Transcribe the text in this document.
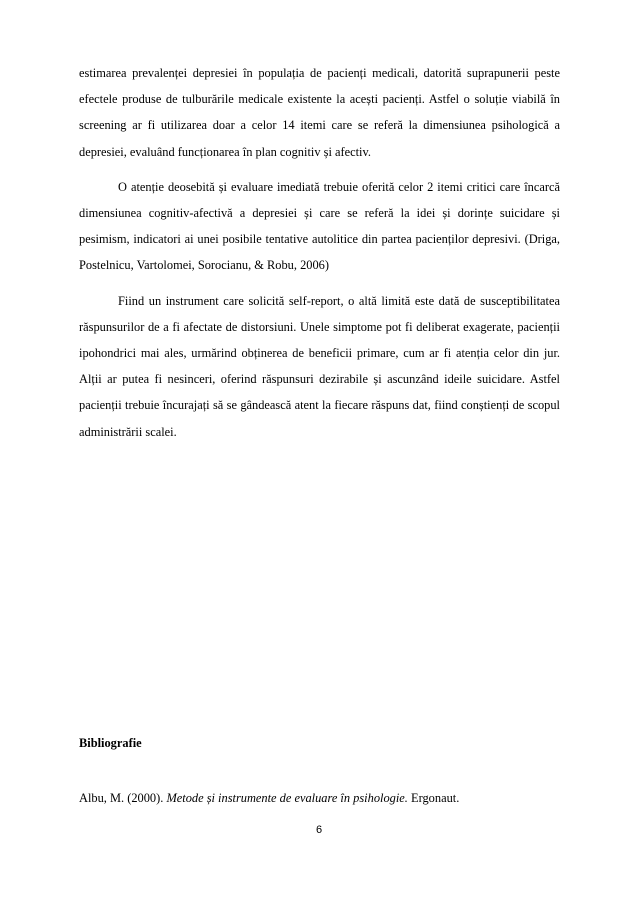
estimarea prevalenței depresiei în populația de pacienți medicali, datorită suprapunerii peste efectele produse de tulburările medicale existente la acești pacienți. Astfel o soluție viabilă în screening ar fi utilizarea doar a celor 14 itemi care se referă la dimensiunea psihologică a depresiei, evaluând funcționarea în plan cognitiv și afectiv.

O atenție deosebită și evaluare imediată trebuie oferită celor 2 itemi critici care încarcă dimensiunea cognitiv-afectivă a depresiei și care se referă la idei și dorințe suicidare și pesimism, indicatori ai unei posibile tentative autolitice din partea pacienților depresivi. (Driga, Postelnicu, Vartolomei, Sorocianu, & Robu, 2006)

Fiind un instrument care solicită self-report, o altă limită este dată de susceptibilitatea răspunsurilor de a fi afectate de distorsiuni. Unele simptome pot fi deliberat exagerate, pacienții ipohondrici mai ales, urmărind obținerea de beneficii primare, cum ar fi atenția celor din jur. Alții ar putea fi nesinceri, oferind răspunsuri dezirabile și ascunzând ideile suicidare. Astfel pacienții trebuie încurajați să se gândească atent la fiecare răspuns dat, fiind conștienți de scopul administrării scalei.

Bibliografie

Albu, M. (2000). Metode și instrumente de evaluare în psihologie. Ergonaut.

6
